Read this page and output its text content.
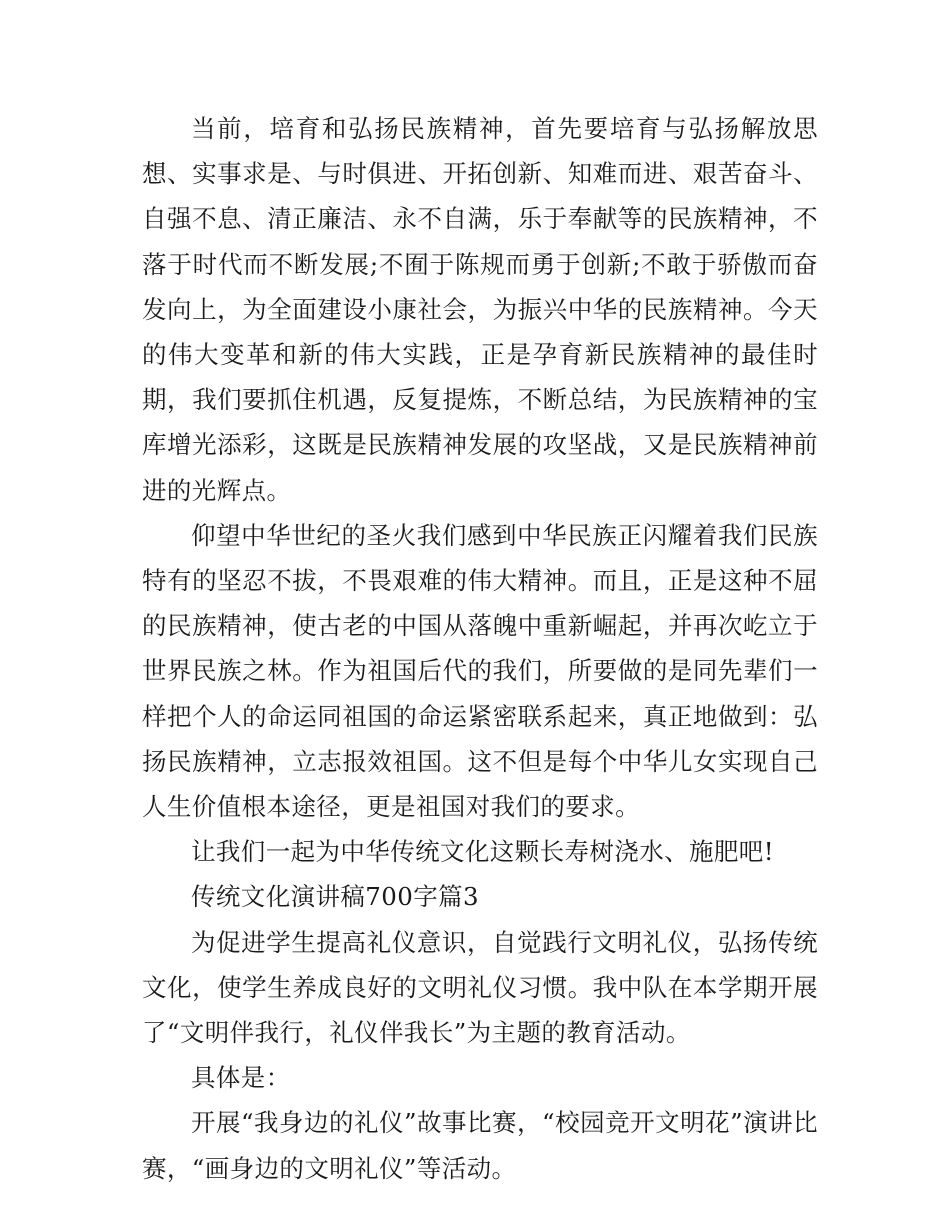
当前，培育和弘扬民族精神，首先要培育与弘扬解放思想、实事求是、与时俱进、开拓创新、知难而进、艰苦奋斗、自强不息、清正廉洁、永不自满，乐于奉献等的民族精神，不落于时代而不断发展;不囿于陈规而勇于创新;不敢于骄傲而奋发向上，为全面建设小康社会，为振兴中华的民族精神。今天的伟大变革和新的伟大实践，正是孕育新民族精神的最佳时期，我们要抓住机遇，反复提炼，不断总结，为民族精神的宝库增光添彩，这既是民族精神发展的攻坚战，又是民族精神前进的光辉点。

仰望中华世纪的圣火我们感到中华民族正闪耀着我们民族特有的坚忍不拔，不畏艰难的伟大精神。而且，正是这种不屈的民族精神，使古老的中国从落魄中重新崛起，并再次屹立于世界民族之林。作为祖国后代的我们，所要做的是同先辈们一样把个人的命运同祖国的命运紧密联系起来，真正地做到：弘扬民族精神，立志报效祖国。这不但是每个中华儿女实现自己人生价值根本途径，更是祖国对我们的要求。

让我们一起为中华传统文化这颗长寿树浇水、施肥吧!

传统文化演讲稿700字篇3

为促进学生提高礼仪意识，自觉践行文明礼仪，弘扬传统文化，使学生养成良好的文明礼仪习惯。我中队在本学期开展了“文明伴我行，礼仪伴我长”为主题的教育活动。

具体是：

开展“我身边的礼仪”故事比赛，“校园竞开文明花”演讲比赛，“画身边的文明礼仪”等活动。
